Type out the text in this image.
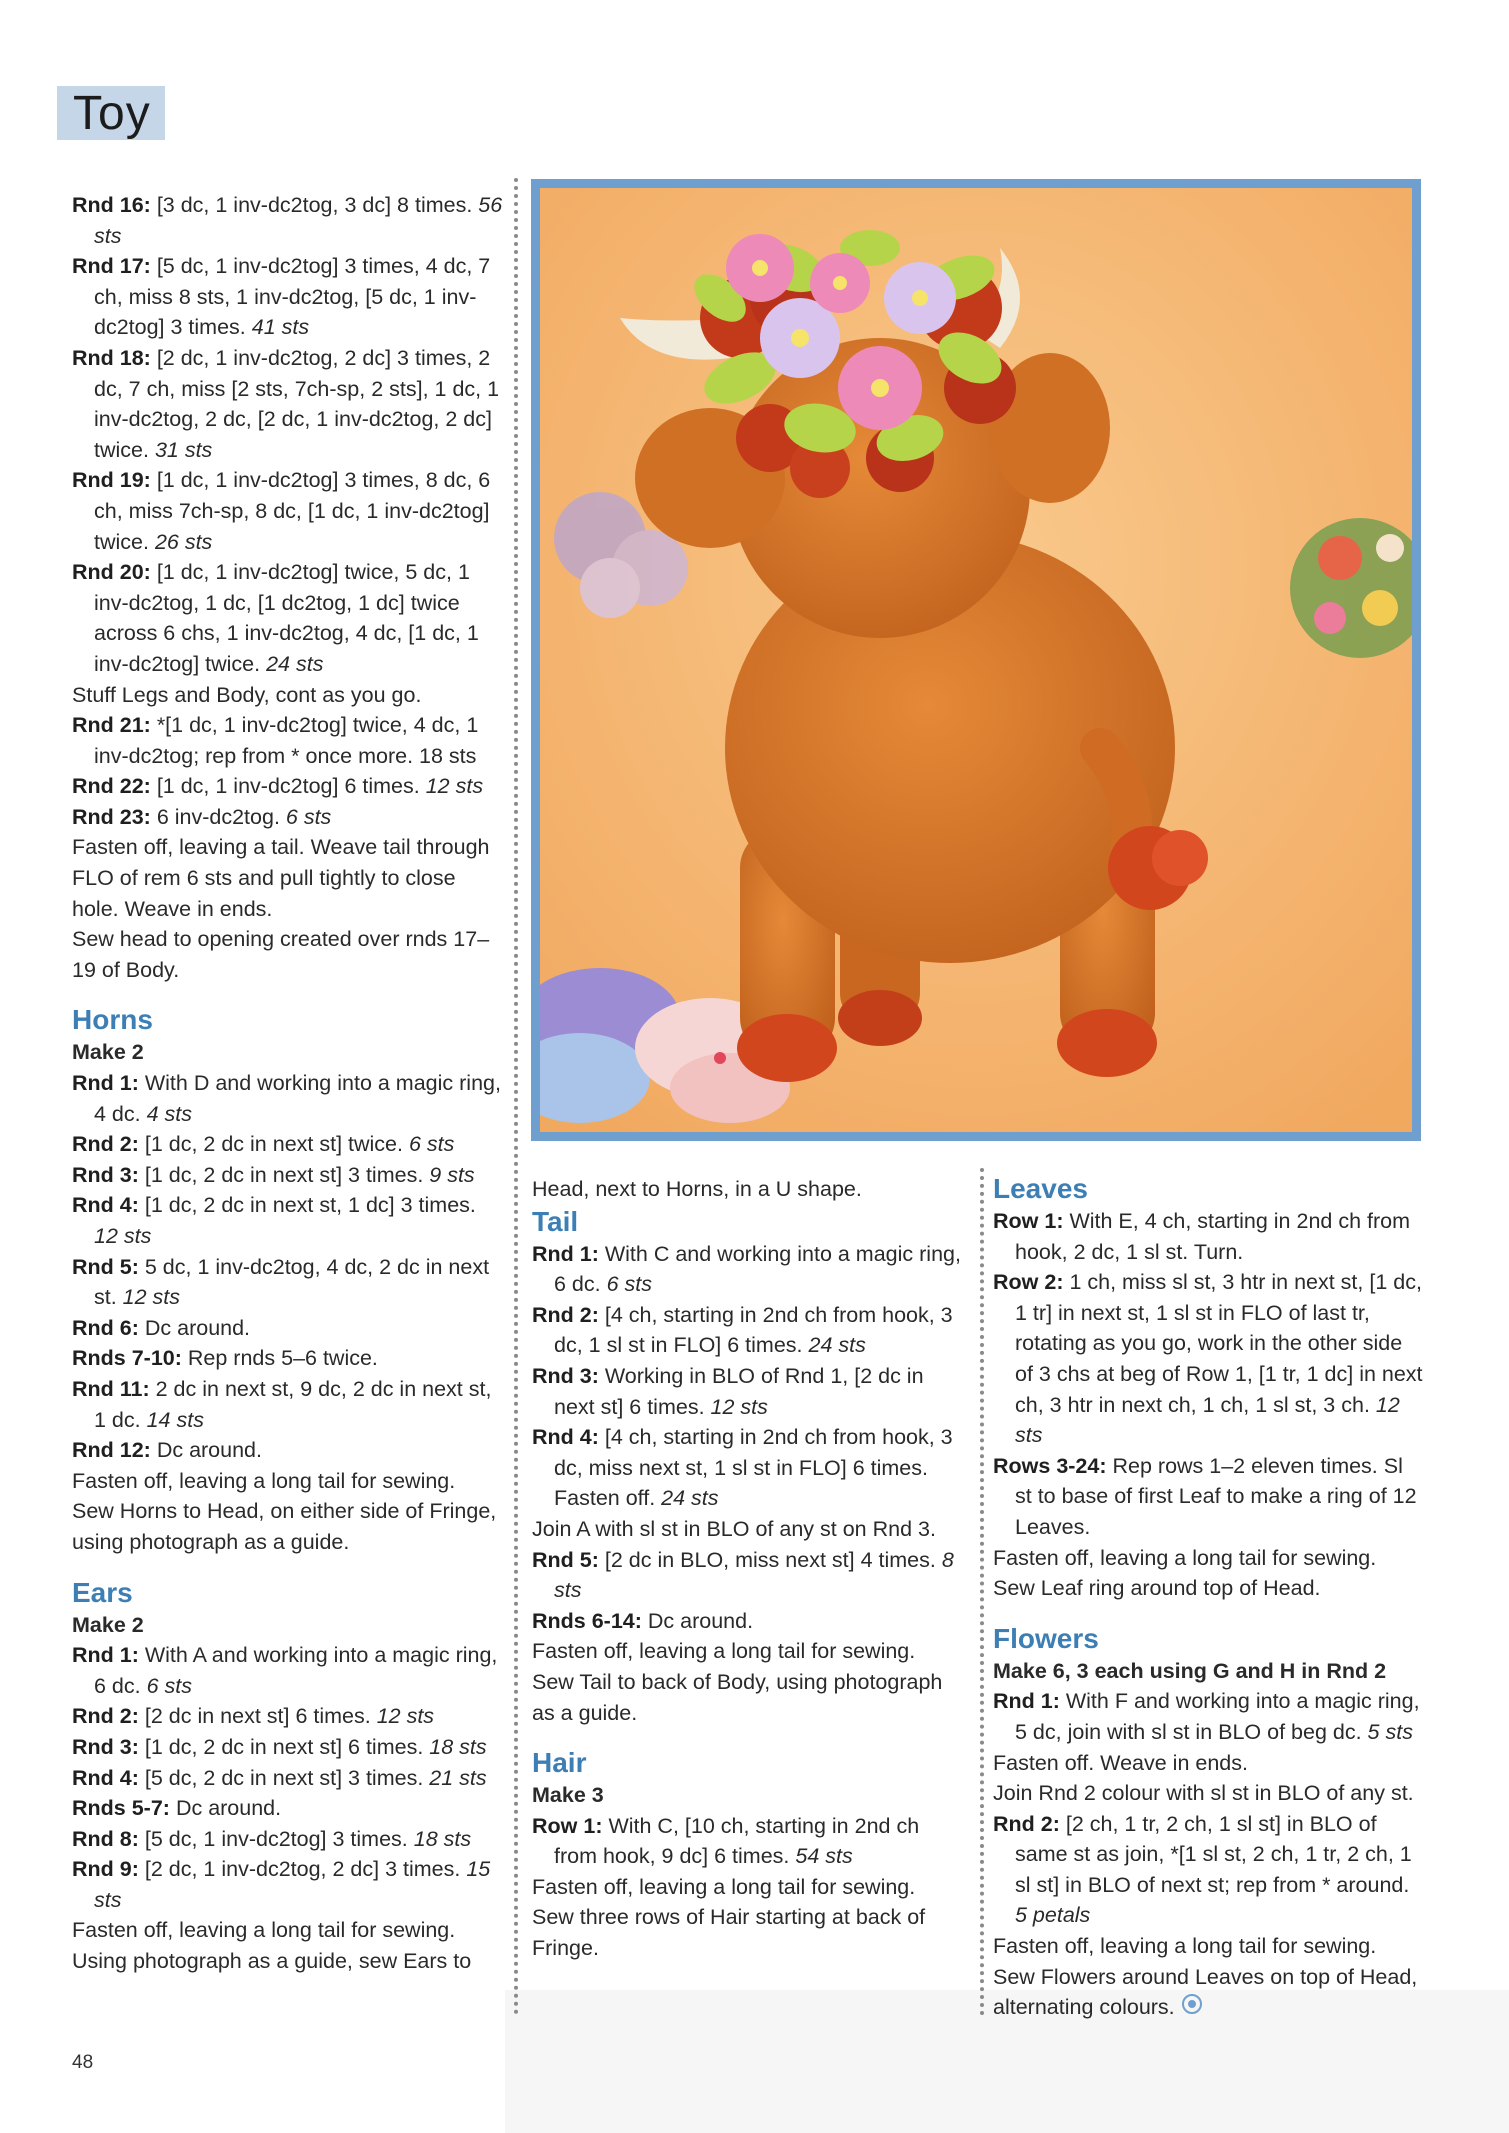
Toy

Rnd 16: [3 dc, 1 inv-dc2tog, 3 dc] 8 times. 56 sts

Rnd 17: [5 dc, 1 inv-dc2tog] 3 times, 4 dc, 7 ch, miss 8 sts, 1 inv-dc2tog, [5 dc, 1 inv-dc2tog] 3 times. 41 sts

Rnd 18: [2 dc, 1 inv-dc2tog, 2 dc] 3 times, 2 dc, 7 ch, miss [2 sts, 7ch-sp, 2 sts], 1 dc, 1 inv-dc2tog, 2 dc, [2 dc, 1 inv-dc2tog, 2 dc] twice. 31 sts

Rnd 19: [1 dc, 1 inv-dc2tog] 3 times, 8 dc, 6 ch, miss 7ch-sp, 8 dc, [1 dc, 1 inv-dc2tog] twice. 26 sts

Rnd 20: [1 dc, 1 inv-dc2tog] twice, 5 dc, 1 inv-dc2tog, 1 dc, [1 dc2tog, 1 dc] twice across 6 chs, 1 inv-dc2tog, 4 dc, [1 dc, 1 inv-dc2tog] twice. 24 sts

Stuff Legs and Body, cont as you go.

Rnd 21: *[1 dc, 1 inv-dc2tog] twice, 4 dc, 1 inv-dc2tog; rep from * once more. 18 sts

Rnd 22: [1 dc, 1 inv-dc2tog] 6 times. 12 sts

Rnd 23: 6 inv-dc2tog. 6 sts

Fasten off, leaving a tail. Weave tail through FLO of rem 6 sts and pull tightly to close hole. Weave in ends.

Sew head to opening created over rnds 17–19 of Body.

Horns

Make 2

Rnd 1: With D and working into a magic ring, 4 dc. 4 sts

Rnd 2: [1 dc, 2 dc in next st] twice. 6 sts

Rnd 3: [1 dc, 2 dc in next st] 3 times. 9 sts

Rnd 4: [1 dc, 2 dc in next st, 1 dc] 3 times. 12 sts

Rnd 5: 5 dc, 1 inv-dc2tog, 4 dc, 2 dc in next st. 12 sts

Rnd 6: Dc around.

Rnds 7-10: Rep rnds 5–6 twice.

Rnd 11: 2 dc in next st, 9 dc, 2 dc in next st, 1 dc. 14 sts

Rnd 12: Dc around.

Fasten off, leaving a long tail for sewing.

Sew Horns to Head, on either side of Fringe, using photograph as a guide.

Ears

Make 2

Rnd 1: With A and working into a magic ring, 6 dc. 6 sts

Rnd 2: [2 dc in next st] 6 times. 12 sts

Rnd 3: [1 dc, 2 dc in next st] 6 times. 18 sts

Rnd 4: [5 dc, 2 dc in next st] 3 times. 21 sts

Rnds 5-7: Dc around.

Rnd 8: [5 dc, 1 inv-dc2tog] 3 times. 18 sts

Rnd 9: [2 dc, 1 inv-dc2tog, 2 dc] 3 times. 15 sts

Fasten off, leaving a long tail for sewing.

Using photograph as a guide, sew Ears to

Head, next to Horns, in a U shape.

Tail

Rnd 1: With C and working into a magic ring, 6 dc. 6 sts

Rnd 2: [4 ch, starting in 2nd ch from hook, 3 dc, 1 sl st in FLO] 6 times. 24 sts

Rnd 3: Working in BLO of Rnd 1, [2 dc in next st] 6 times. 12 sts

Rnd 4: [4 ch, starting in 2nd ch from hook, 3 dc, miss next st, 1 sl st in FLO] 6 times. Fasten off. 24 sts

Join A with sl st in BLO of any st on Rnd 3.

Rnd 5: [2 dc in BLO, miss next st] 4 times. 8 sts

Rnds 6-14: Dc around.

Fasten off, leaving a long tail for sewing.

Sew Tail to back of Body, using photograph as a guide.

Hair

Make 3

Row 1: With C, [10 ch, starting in 2nd ch from hook, 9 dc] 6 times. 54 sts

Fasten off, leaving a long tail for sewing.

Sew three rows of Hair starting at back of Fringe.

Leaves

Row 1: With E, 4 ch, starting in 2nd ch from hook, 2 dc, 1 sl st. Turn.

Row 2: 1 ch, miss sl st, 3 htr in next st, [1 dc, 1 tr] in next st, 1 sl st in FLO of last tr, rotating as you go, work in the other side of 3 chs at beg of Row 1, [1 tr, 1 dc] in next ch, 3 htr in next ch, 1 ch, 1 sl st, 3 ch. 12 sts

Rows 3-24: Rep rows 1–2 eleven times. Sl st to base of first Leaf to make a ring of 12 Leaves.

Fasten off, leaving a long tail for sewing.

Sew Leaf ring around top of Head.

Flowers

Make 6, 3 each using G and H in Rnd 2

Rnd 1: With F and working into a magic ring, 5 dc, join with sl st in BLO of beg dc. 5 sts

Fasten off. Weave in ends.

Join Rnd 2 colour with sl st in BLO of any st.

Rnd 2: [2 ch, 1 tr, 2 ch, 1 sl st] in BLO of same st as join, *[1 sl st, 2 ch, 1 tr, 2 ch, 1 sl st] in BLO of next st; rep from * around. 5 petals

Fasten off, leaving a long tail for sewing.

Sew Flowers around Leaves on top of Head, alternating colours.

48
